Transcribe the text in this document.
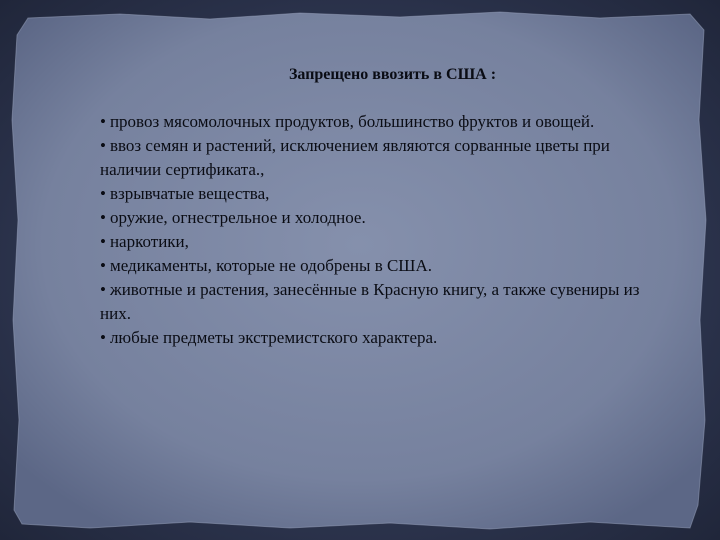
Запрещено ввозить в США :
• провоз мясомолочных продуктов, большинство фруктов и овощей.
• ввоз семян и растений, исключением являются сорванные цветы при наличии сертификата.,
• взрывчатые вещества,
• оружие, огнестрельное и холодное.
• наркотики,
• медикаменты, которые не одобрены в США.
• животные и растения, занесённые в Красную книгу, а также сувениры из них.
• любые предметы экстремистского характера.
